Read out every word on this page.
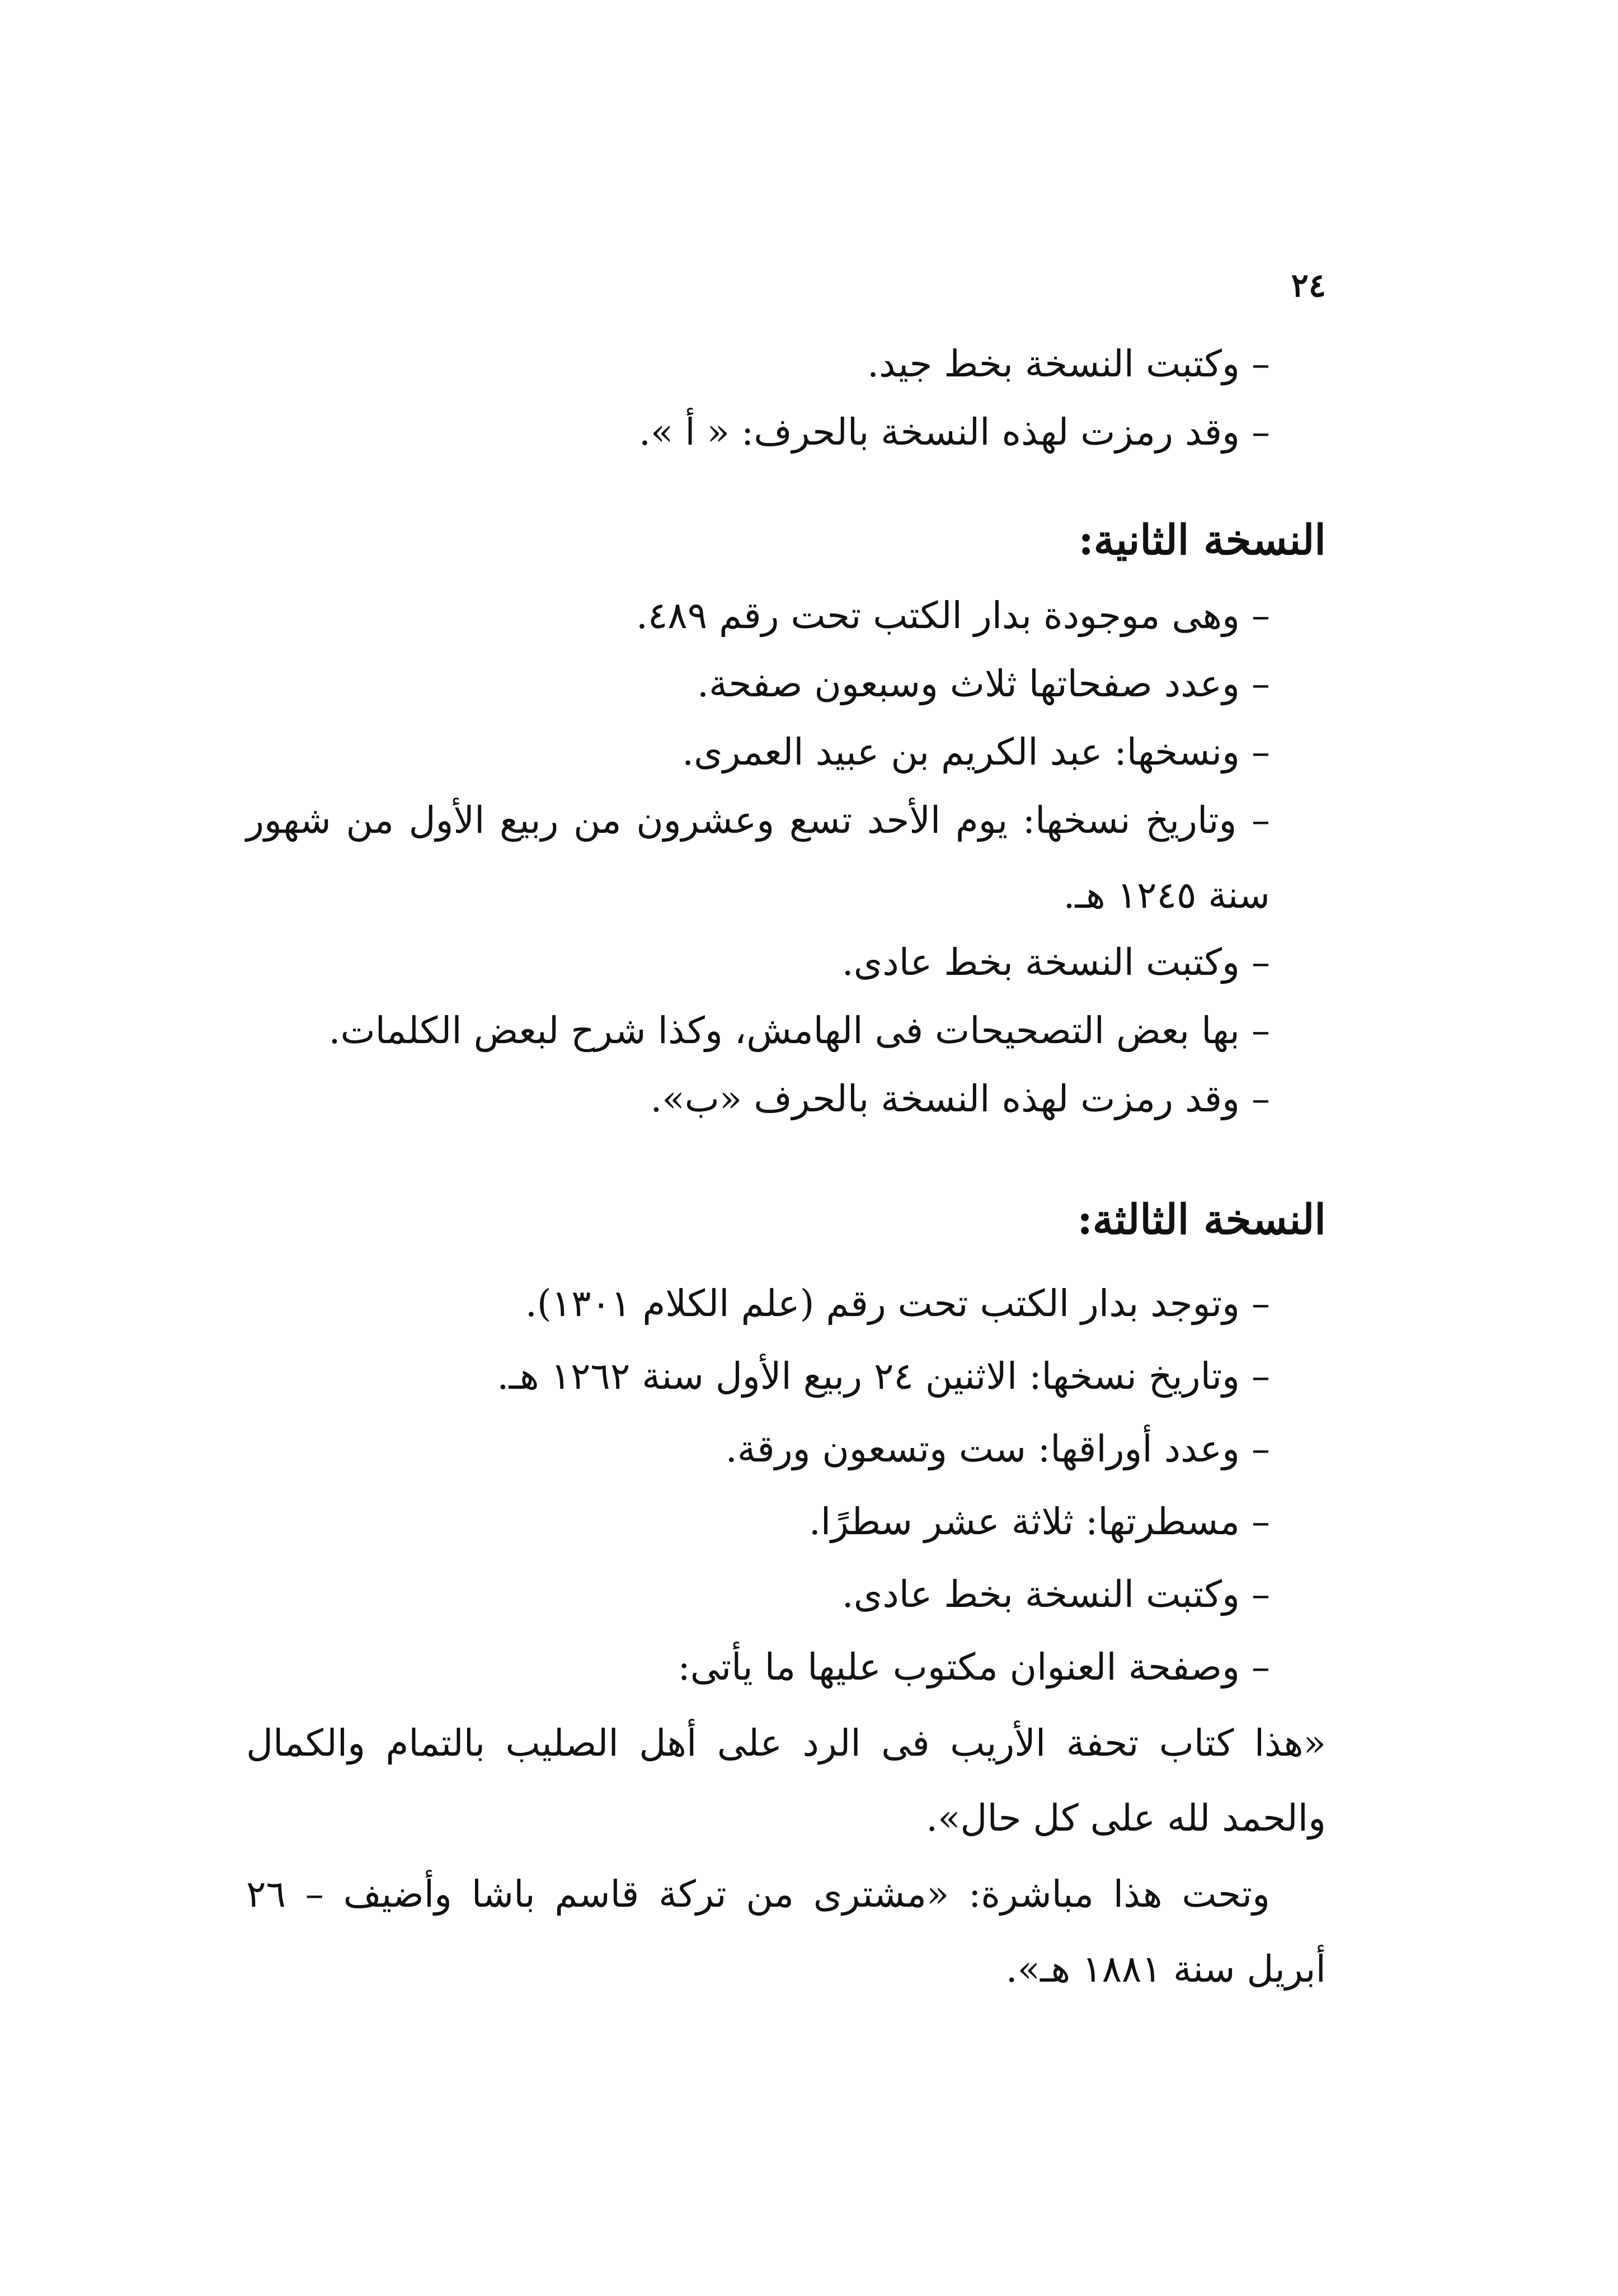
٢٤
– وكتبت النسخة بخط جيد.
– وقد رمزت لهذه النسخة بالحرف: « أ ».
النسخة الثانية:
– وهى موجودة بدار الكتب تحت رقم ٤٨٩.
– وعدد صفحاتها ثلاث وسبعون صفحة.
– ونسخها: عبد الكريم بن عبيد العمرى.
– وتاريخ نسخها: يوم الأحد تسع وعشرون من ربيع الأول من شهور سنة ١٢٤٥ هـ.
– وكتبت النسخة بخط عادى.
– بها بعض التصحيحات فى الهامش، وكذا شرح لبعض الكلمات.
– وقد رمزت لهذه النسخة بالحرف «ب».
النسخة الثالثة:
– وتوجد بدار الكتب تحت رقم (علم الكلام ١٣٠١).
– وتاريخ نسخها: الاثنين ٢٤ ربيع الأول سنة ١٢٦٢ هـ.
– وعدد أوراقها: ست وتسعون ورقة.
– مسطرتها: ثلاثة عشر سطرًا.
– وكتبت النسخة بخط عادى.
– وصفحة العنوان مكتوب عليها ما يأتى:
«هذا كتاب تحفة الأريب فى الرد على أهل الصليب بالتمام والكمال والحمد لله على كل حال».
وتحت هذا مباشرة: «مشترى من تركة قاسم باشا وأضيف – ٢٦ أبريل سنة ١٨٨١ هـ».
